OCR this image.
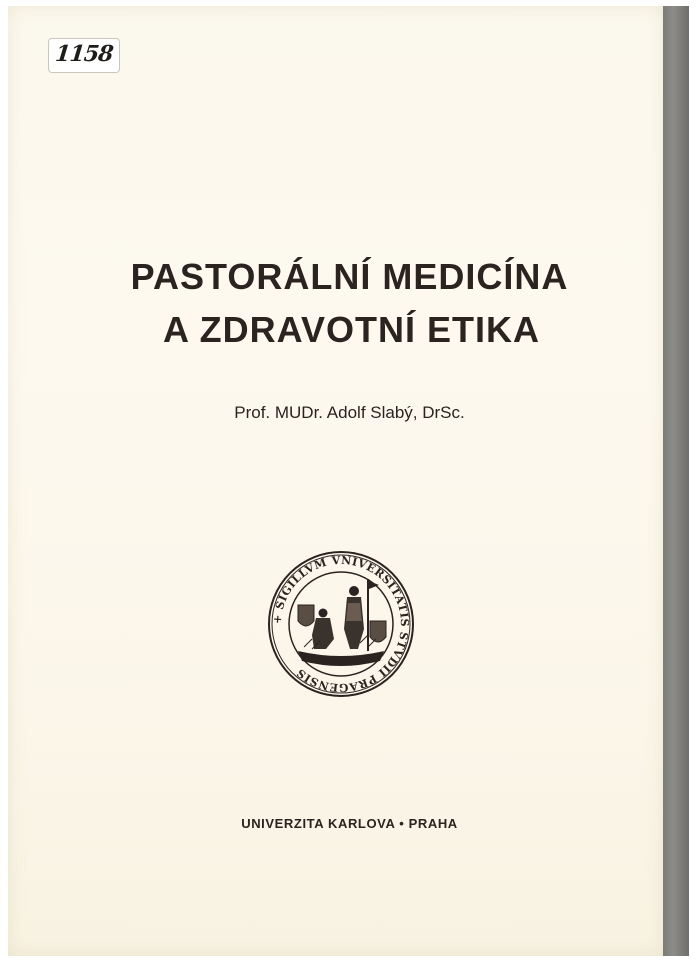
1158
PASTORÁLNÍ MEDICÍNA
A ZDRAVOTNÍ ETIKA
Prof. MUDr. Adolf Slabý, DrSc.
+ SIGILLVM VNIVERSITATIS STVDII PRAGENSIS
UNIVERZITA KARLOVA • PRAHA
